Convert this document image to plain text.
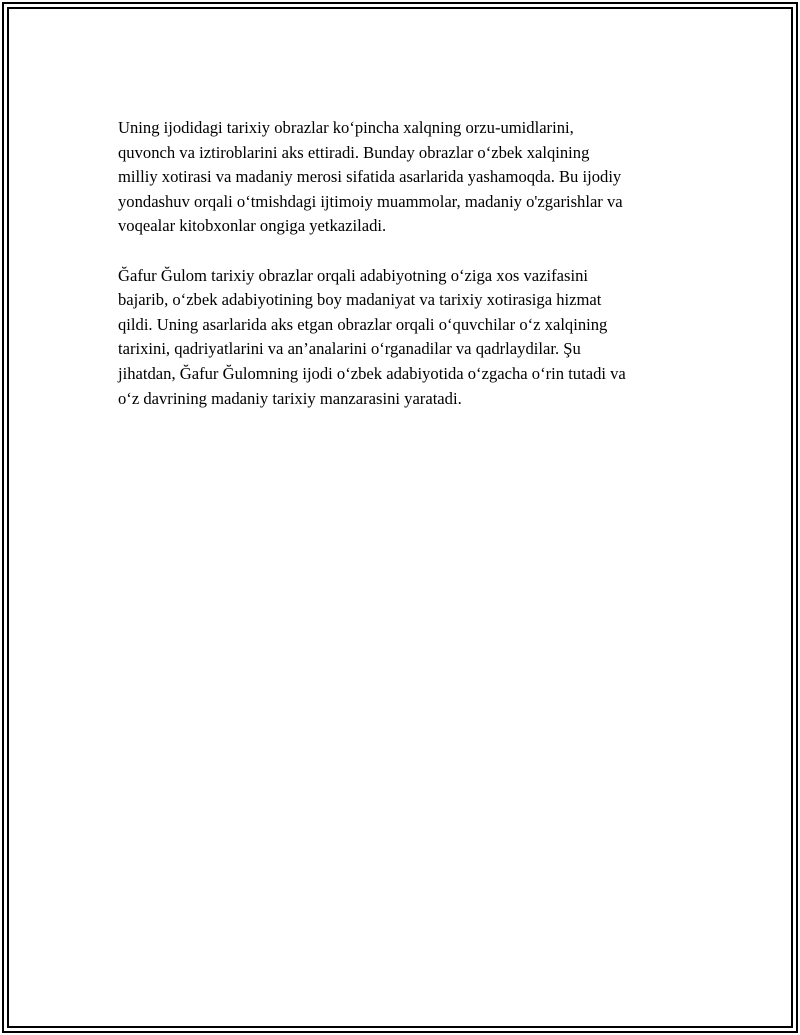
Uning ijodidagi tarixiy obrazlar ko‘pincha xalqning orzu-umidlarini,
quvonch va iztiroblarini aks ettiradi. Bunday obrazlar o‘zbek xalqining
milliy xotirasi va madaniy merosi sifatida asarlarida yashamoqda. Bu ijodiy
yondashuv orqali o‘tmishdagi ijtimoiy muammolar, madaniy o'zgarishlar va
voqealar kitobxonlar ongiga yetkaziladi.

Ğafur Ğulom tarixiy obrazlar orqali adabiyotning o‘ziga xos vazifasini
bajarib, o‘zbek adabiyotining boy madaniyat va tarixiy xotirasiga hizmat
qildi. Uning asarlarida aks etgan obrazlar orqali o‘quvchilar o‘z xalqining
tarixini, qadriyatlarini va an’analarini o‘rganadilar va qadrlaydilar. Şu
jihatdan, Ğafur Ğulomning ijodi o‘zbek adabiyotida o‘zgacha o‘rin tutadi va
o‘z davrining madaniy tarixiy manzarasini yaratadi.
